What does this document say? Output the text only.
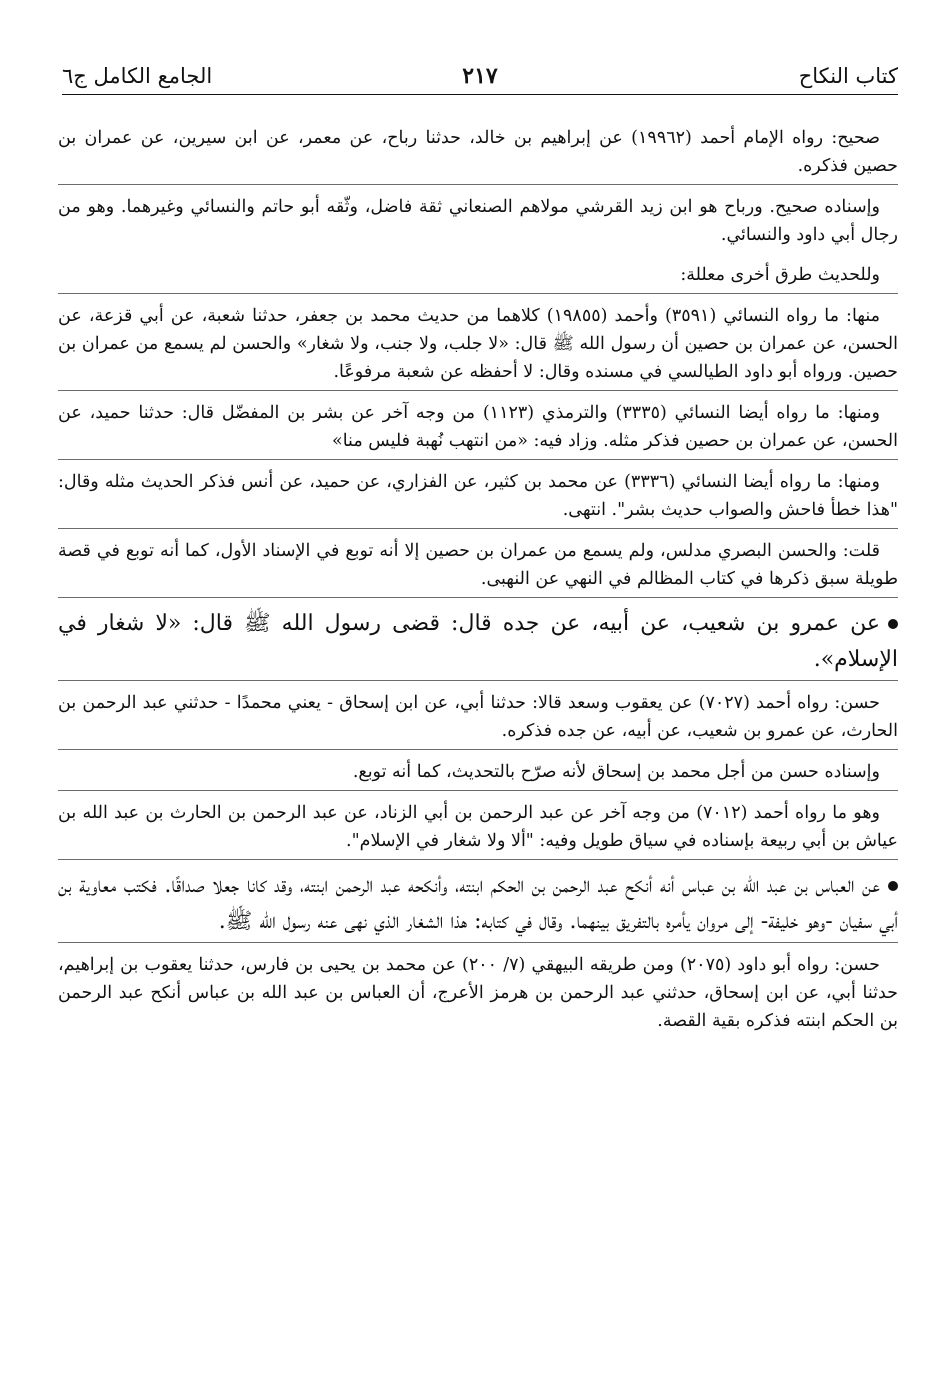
كتاب النكاح
٢١٧
الجامع الكامل ج٦

صحيح: رواه الإمام أحمد (١٩٩٦٢) عن إبراهيم بن خالد، حدثنا رباح، عن معمر، عن ابن سيرين، عن عمران بن حصين فذكره.

وإسناده صحيح. ورباح هو ابن زيد القرشي مولاهم الصنعاني ثقة فاضل، وثّقه أبو حاتم والنسائي وغيرهما. وهو من رجال أبي داود والنسائي.

وللحديث طرق أخرى معللة:

منها: ما رواه النسائي (٣٥٩١) وأحمد (١٩٨٥٥) كلاهما من حديث محمد بن جعفر، حدثنا شعبة، عن أبي قزعة، عن الحسن، عن عمران بن حصين أن رسول الله ﷺ قال: «لا جلب، ولا جنب، ولا شغار» والحسن لم يسمع من عمران بن حصين. ورواه أبو داود الطيالسي في مسنده وقال: لا أحفظه عن شعبة مرفوعًا.

ومنها: ما رواه أيضا النسائي (٣٣٣٥) والترمذي (١١٢٣) من وجه آخر عن بشر بن المفضّل قال: حدثنا حميد، عن الحسن، عن عمران بن حصين فذكر مثله. وزاد فيه: «من انتهب نُهبة فليس منا»

ومنها: ما رواه أيضا النسائي (٣٣٣٦) عن محمد بن كثير، عن الفزاري، عن حميد، عن أنس فذكر الحديث مثله وقال: "هذا خطأ فاحش والصواب حديث بشر". انتهى.

قلت: والحسن البصري مدلس، ولم يسمع من عمران بن حصين إلا أنه توبع في الإسناد الأول، كما أنه توبع في قصة طويلة سبق ذكرها في كتاب المظالم في النهي عن النهبى.

عن عمرو بن شعيب، عن أبيه، عن جده قال: قضى رسول الله ﷺ قال: «لا شغار في الإسلام».

حسن: رواه أحمد (٧٠٢٧) عن يعقوب وسعد قالا: حدثنا أبي، عن ابن إسحاق - يعني محمدًا - حدثني عبد الرحمن بن الحارث، عن عمرو بن شعيب، عن أبيه، عن جده فذكره.

وإسناده حسن من أجل محمد بن إسحاق لأنه صرّح بالتحديث، كما أنه توبع.

وهو ما رواه أحمد (٧٠١٢) من وجه آخر عن عبد الرحمن بن أبي الزناد، عن عبد الرحمن بن الحارث بن عبد الله بن عياش بن أبي ربيعة بإسناده في سياق طويل وفيه: "ألا ولا شغار في الإسلام".

عن العباس بن عبد الله بن عباس أنه أنكح عبد الرحمن بن الحكم ابنته، وأنكحه عبد الرحمن ابنته، وقد كانا جعلا صداقًا. فكتب معاوية بن أبي سفيان -وهو خليفة- إلى مروان يأمره بالتفريق بينهما. وقال في كتابه: هذا الشغار الذي نهى عنه رسول الله ﷺ.

حسن: رواه أبو داود (٢٠٧٥) ومن طريقه البيهقي (٧/ ٢٠٠) عن محمد بن يحيى بن فارس، حدثنا يعقوب بن إبراهيم، حدثنا أبي، عن ابن إسحاق، حدثني عبد الرحمن بن هرمز الأعرج، أن العباس بن عبد الله بن عباس أنكح عبد الرحمن بن الحكم ابنته فذكره بقية القصة.
